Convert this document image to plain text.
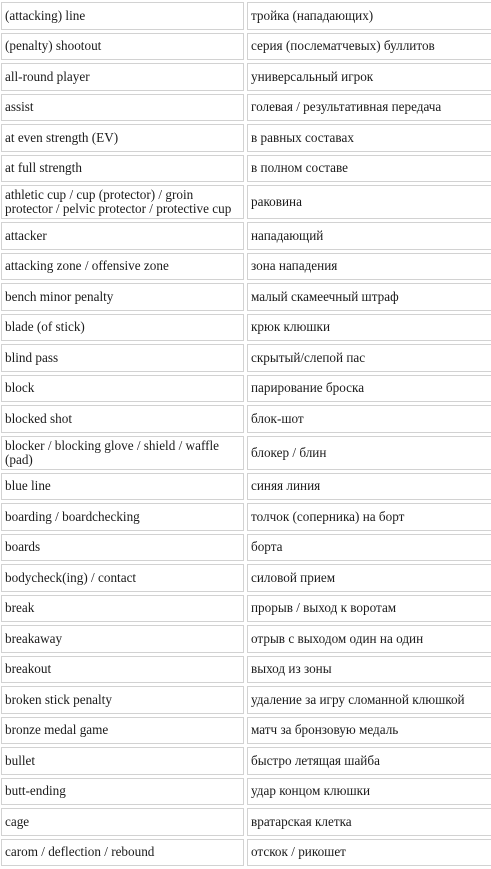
(attacking) line	тройка (нападающих)
(penalty) shootout	серия (послематчевых) буллитов
all-round player	универсальный игрок
assist	голевая / результативная передача
at even strength (EV)	в равных составах
at full strength	в полном составе
athletic cup / cup (protector) / groin protector / pelvic protector / protective cup	раковина
attacker	нападающий
attacking zone / offensive zone	зона нападения
bench minor penalty	малый скамеечный штраф
blade (of stick)	крюк клюшки
blind pass	скрытый/слепой пас
block	парирование броска
blocked shot	блок-шот
blocker / blocking glove / shield / waffle (pad)	блокер / блин
blue line	синяя линия
boarding / boardchecking	толчок (соперника) на борт
boards	борта
bodycheck(ing) / contact	силовой прием
break	прорыв / выход к воротам
breakaway	отрыв с выходом один на один
breakout	выход из зоны
broken stick penalty	удаление за игру сломанной клюшкой
bronze medal game	матч за бронзовую медаль
bullet	быстро летящая шайба
butt-ending	удар концом клюшки
cage	вратарская клетка
carom / deflection / rebound	отскок / рикошет
